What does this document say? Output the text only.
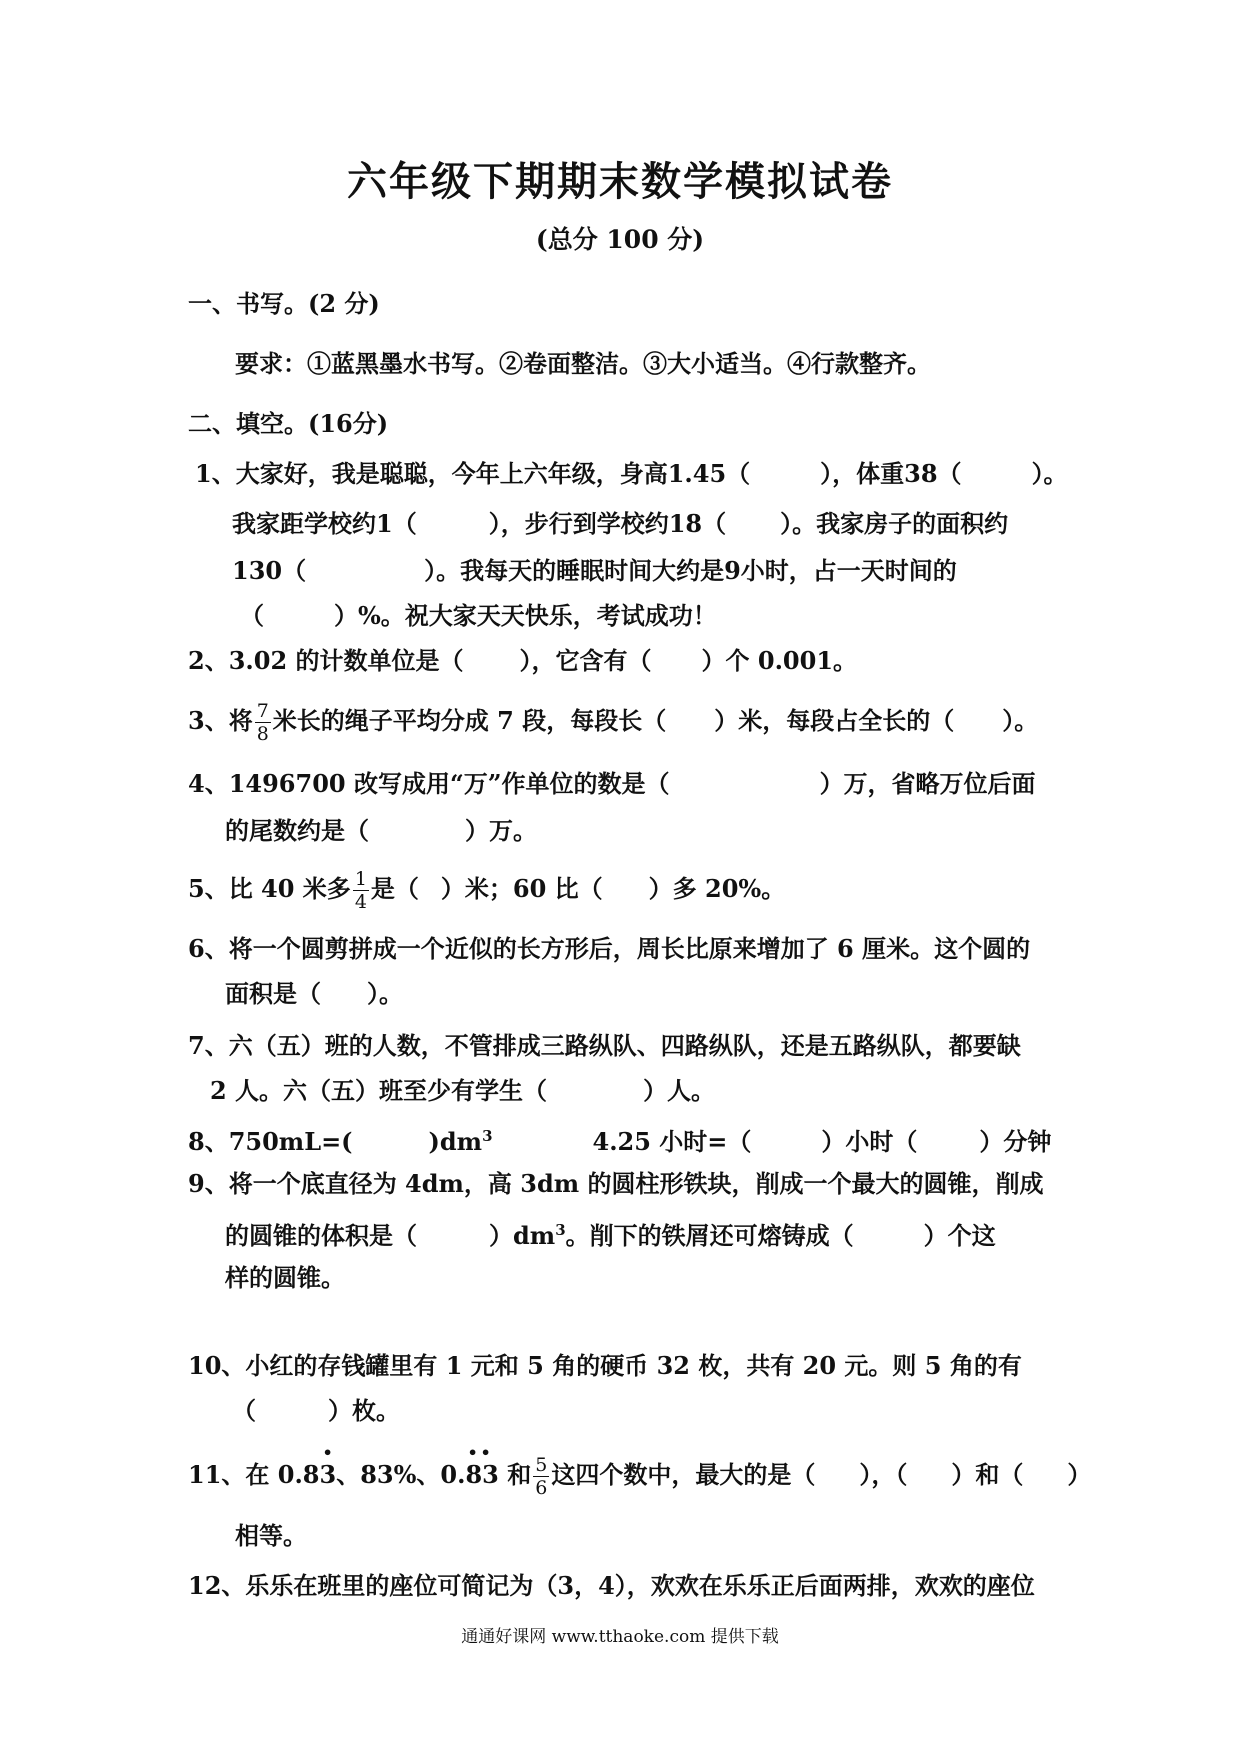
六年级下期期末数学模拟试卷
(总分 100 分)
一、书写。(2 分)
要求：①蓝黑墨水书写。②卷面整洁。③大小适当。④行款整齐。
二、填空。(16分)
1、大家好，我是聪聪，今年上六年级，身高1.45（	），体重38（	）。
我家距学校约1（	），步行到学校约18（ ）。我家房子的面积约
130（	）。我每天的睡眠时间大约是9小时，占一天时间的
（	）%。祝大家天天快乐，考试成功！
2、3.02 的计数单位是（ ），它含有（ ）个 0.001。
3、将 $\frac{7}{8}$ 米长的绳子平均分成 7 段，每段长（ ）米，每段占全长的（ ）。
4、1496700 改写成用“万”作单位的数是（	）万，省略万位后面
的尾数约是（	）万。
5、比 40 米多 $\frac{1}{4}$ 是（ ）米；60 比（ ）多 20%。
6、将一个圆剪拼成一个近似的长方形后，周长比原来增加了 6 厘米。这个圆的
面积是（ ）。
7、六（五）班的人数，不管排成三路纵队、四路纵队，还是五路纵队，都要缺
2 人。六（五）班至少有学生（	）人。
8、750mL=(	)$dm^3$	4.25 小时=（	）小时（	）分钟
9、将一个底直径为 4dm，高 3dm 的圆柱形铁块，削成一个最大的圆锥，削成
的圆锥的体积是（	）$dm^3$。削下的铁屑还可熔铸成（	）个这
样的圆锥。
10、小红的存钱罐里有 1 元和 5 角的硬币 32 枚，共有 20 元。则 5 角的有
（	）枚。
11、在 0.8
•
3、83%、0.
• •
83 和 $\frac{5}{6}$ 这四个数中，最大的是（ ），（ ）和（ ）
相等。
12、乐乐在班里的座位可简记为（3，4），欢欢在乐乐正后面两排，欢欢的座位
通通好课网 www.tthaoke.com 提供下载
